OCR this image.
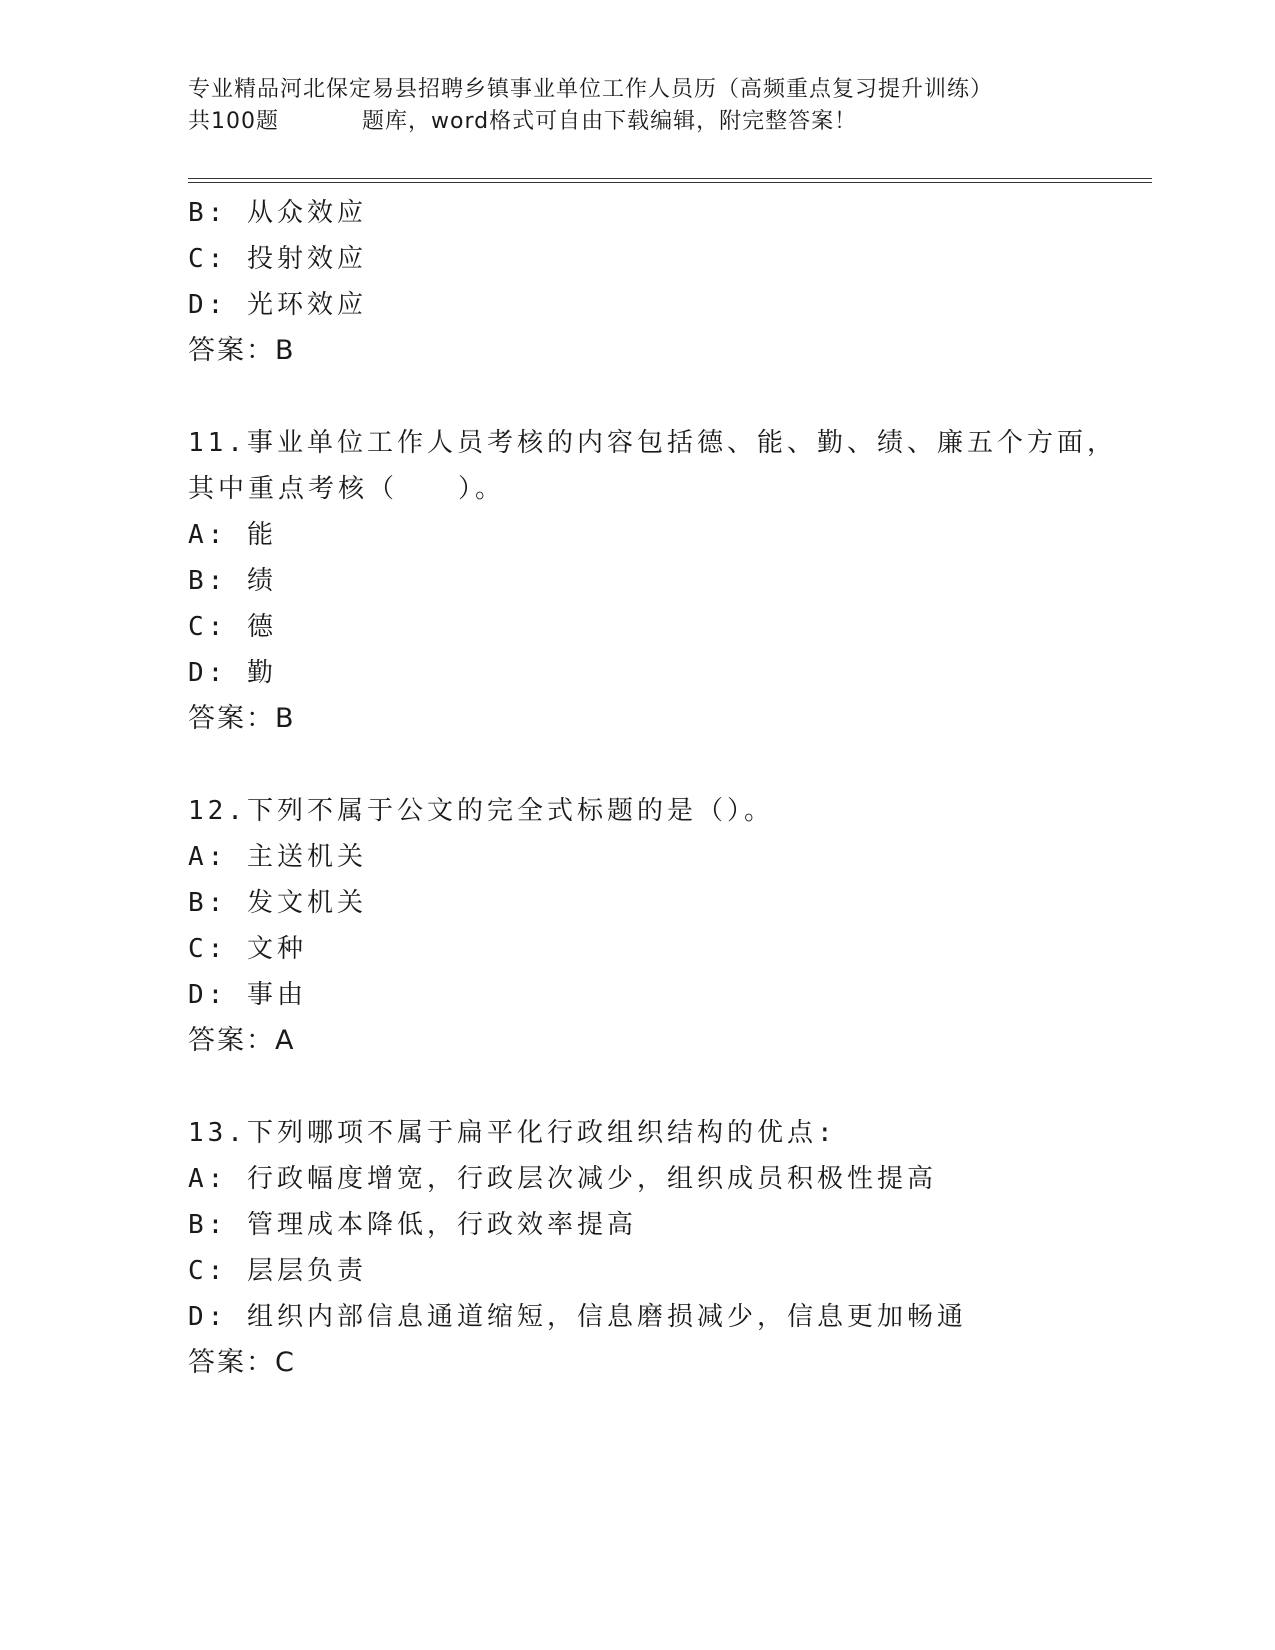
专业精品河北保定易县招聘乡镇事业单位工作人员历（高频重点复习提升训练）
共100题	题库，word格式可自由下载编辑，附完整答案！
B: 从众效应
C: 投射效应
D: 光环效应
答案：B
11.事业单位工作人员考核的内容包括德、能、勤、绩、廉五个方面，
其中重点考核（　　）。
A: 能
B: 绩
C: 德
D: 勤
答案：B
12.下列不属于公文的完全式标题的是（）。
A: 主送机关
B: 发文机关
C: 文种
D: 事由
答案：A
13.下列哪项不属于扁平化行政组织结构的优点:
A: 行政幅度增宽，行政层次减少，组织成员积极性提高
B: 管理成本降低，行政效率提高
C: 层层负责
D: 组织内部信息通道缩短，信息磨损减少，信息更加畅通
答案：C
